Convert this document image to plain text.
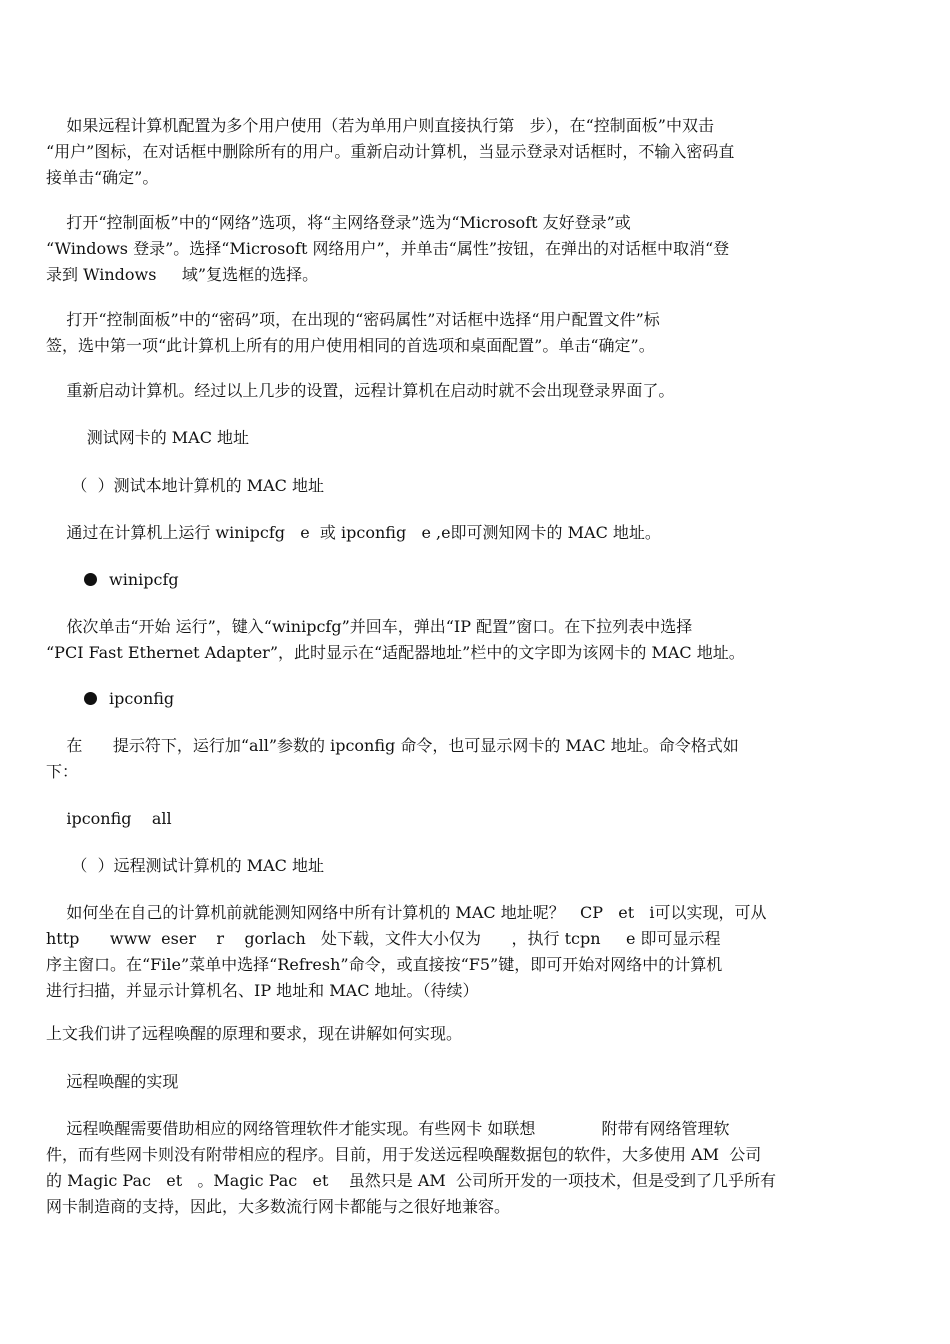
如果远程计算机配置为多个用户使用（若为单用户则直接执行第   步），在“控制面板”中双击
“用户”图标，在对话框中删除所有的用户。重新启动计算机，当显示登录对话框时，不输入密码直
接单击“确定”。
打开“控制面板”中的“网络”选项，将“主网络登录”选为“Microsoft 友好登录”或
“Windows 登录”。选择“Microsoft 网络用户”，并单击“属性”按钮，在弹出的对话框中取消“登
录到 Windows     域”复选框的选择。
打开“控制面板”中的“密码”项，在出现的“密码属性”对话框中选择“用户配置文件”标
签，选中第一项“此计算机上所有的用户使用相同的首选项和桌面配置”。单击“确定”。
重新启动计算机。经过以上几步的设置，远程计算机在启动时就不会出现登录界面了。
测试网卡的 MAC 地址
（  ）测试本地计算机的 MAC 地址
通过在计算机上运行 winipcfg   e  或 ipconfig   e ,e即可测知网卡的 MAC 地址。
winipcfg
依次单击“开始 运行”，键入“winipcfg”并回车，弹出“IP 配置”窗口。在下拉列表中选择
“PCI Fast Ethernet Adapter”，此时显示在“适配器地址”栏中的文字即为该网卡的 MAC 地址。
ipconfig
在      提示符下，运行加“all”参数的 ipconfig 命令，也可显示网卡的 MAC 地址。命令格式如
下：
ipconfig    all
（  ）远程测试计算机的 MAC 地址
如何坐在自己的计算机前就能测知网络中所有计算机的 MAC 地址呢？   CP   et   i可以实现，可从
http      www  eser    r    gorlach   处下载，文件大小仅为      ，执行 tcpn     e 即可显示程
序主窗口。在“File”菜单中选择“Refresh”命令，或直接按“F5”键，即可开始对网络中的计算机
进行扫描，并显示计算机名、IP 地址和 MAC 地址。（待续）
上文我们讲了远程唤醒的原理和要求，现在讲解如何实现。
远程唤醒的实现
远程唤醒需要借助相应的网络管理软件才能实现。有些网卡 如联想             附带有网络管理软
件，而有些网卡则没有附带相应的程序。目前，用于发送远程唤醒数据包的软件，大多使用 AM  公司
的 Magic Pac   et   。Magic Pac   et    虽然只是 AM  公司所开发的一项技术，但是受到了几乎所有
网卡制造商的支持，因此，大多数流行网卡都能与之很好地兼容。
